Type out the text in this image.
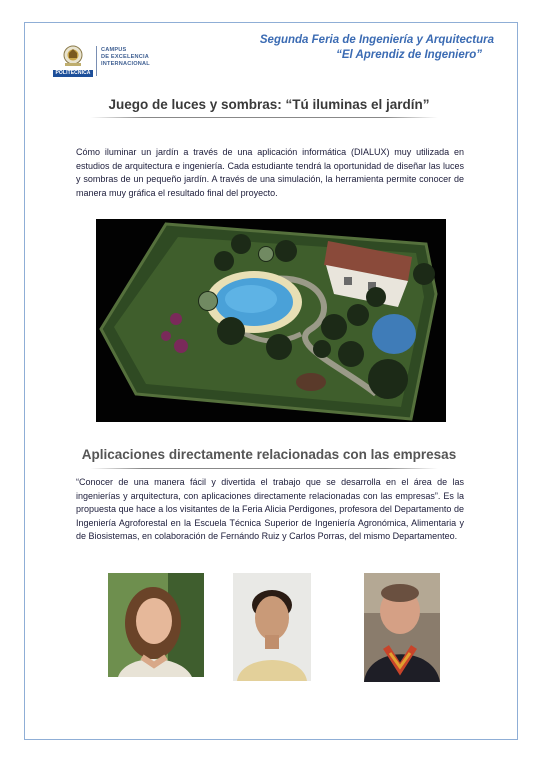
POLITÉCNICA
CAMPUS
DE EXCELENCIA
INTERNACIONAL
Segunda Feria de Ingeniería y Arquitectura
“El Aprendiz de Ingeniero”
Juego de luces y sombras: “Tú iluminas el jardín”
Cómo iluminar un jardín a través de una aplicación informática (DIALUX) muy utilizada en estudios de arquitectura e ingeniería. Cada estudiante tendrá la oportunidad de diseñar las luces y sombras de un pequeño jardín. A través de una simulación, la herramienta permite conocer de manera muy gráfica el resultado final del proyecto.
Aplicaciones directamente relacionadas con las empresas
“Conocer de una manera fácil y divertida el trabajo que se desarrolla en el área de las ingenierías y arquitectura, con aplicaciones directamente relacionadas con las empresas”. Es la propuesta que hace a los visitantes de la Feria Alicia Perdigones, profesora del Departamento de Ingeniería Agroforestal en la Escuela Técnica Superior de Ingeniería Agronómica, Alimentaria y de Biosistemas, en colaboración de Fernándo Ruiz y Carlos Porras, del mismo Departamenteo.
